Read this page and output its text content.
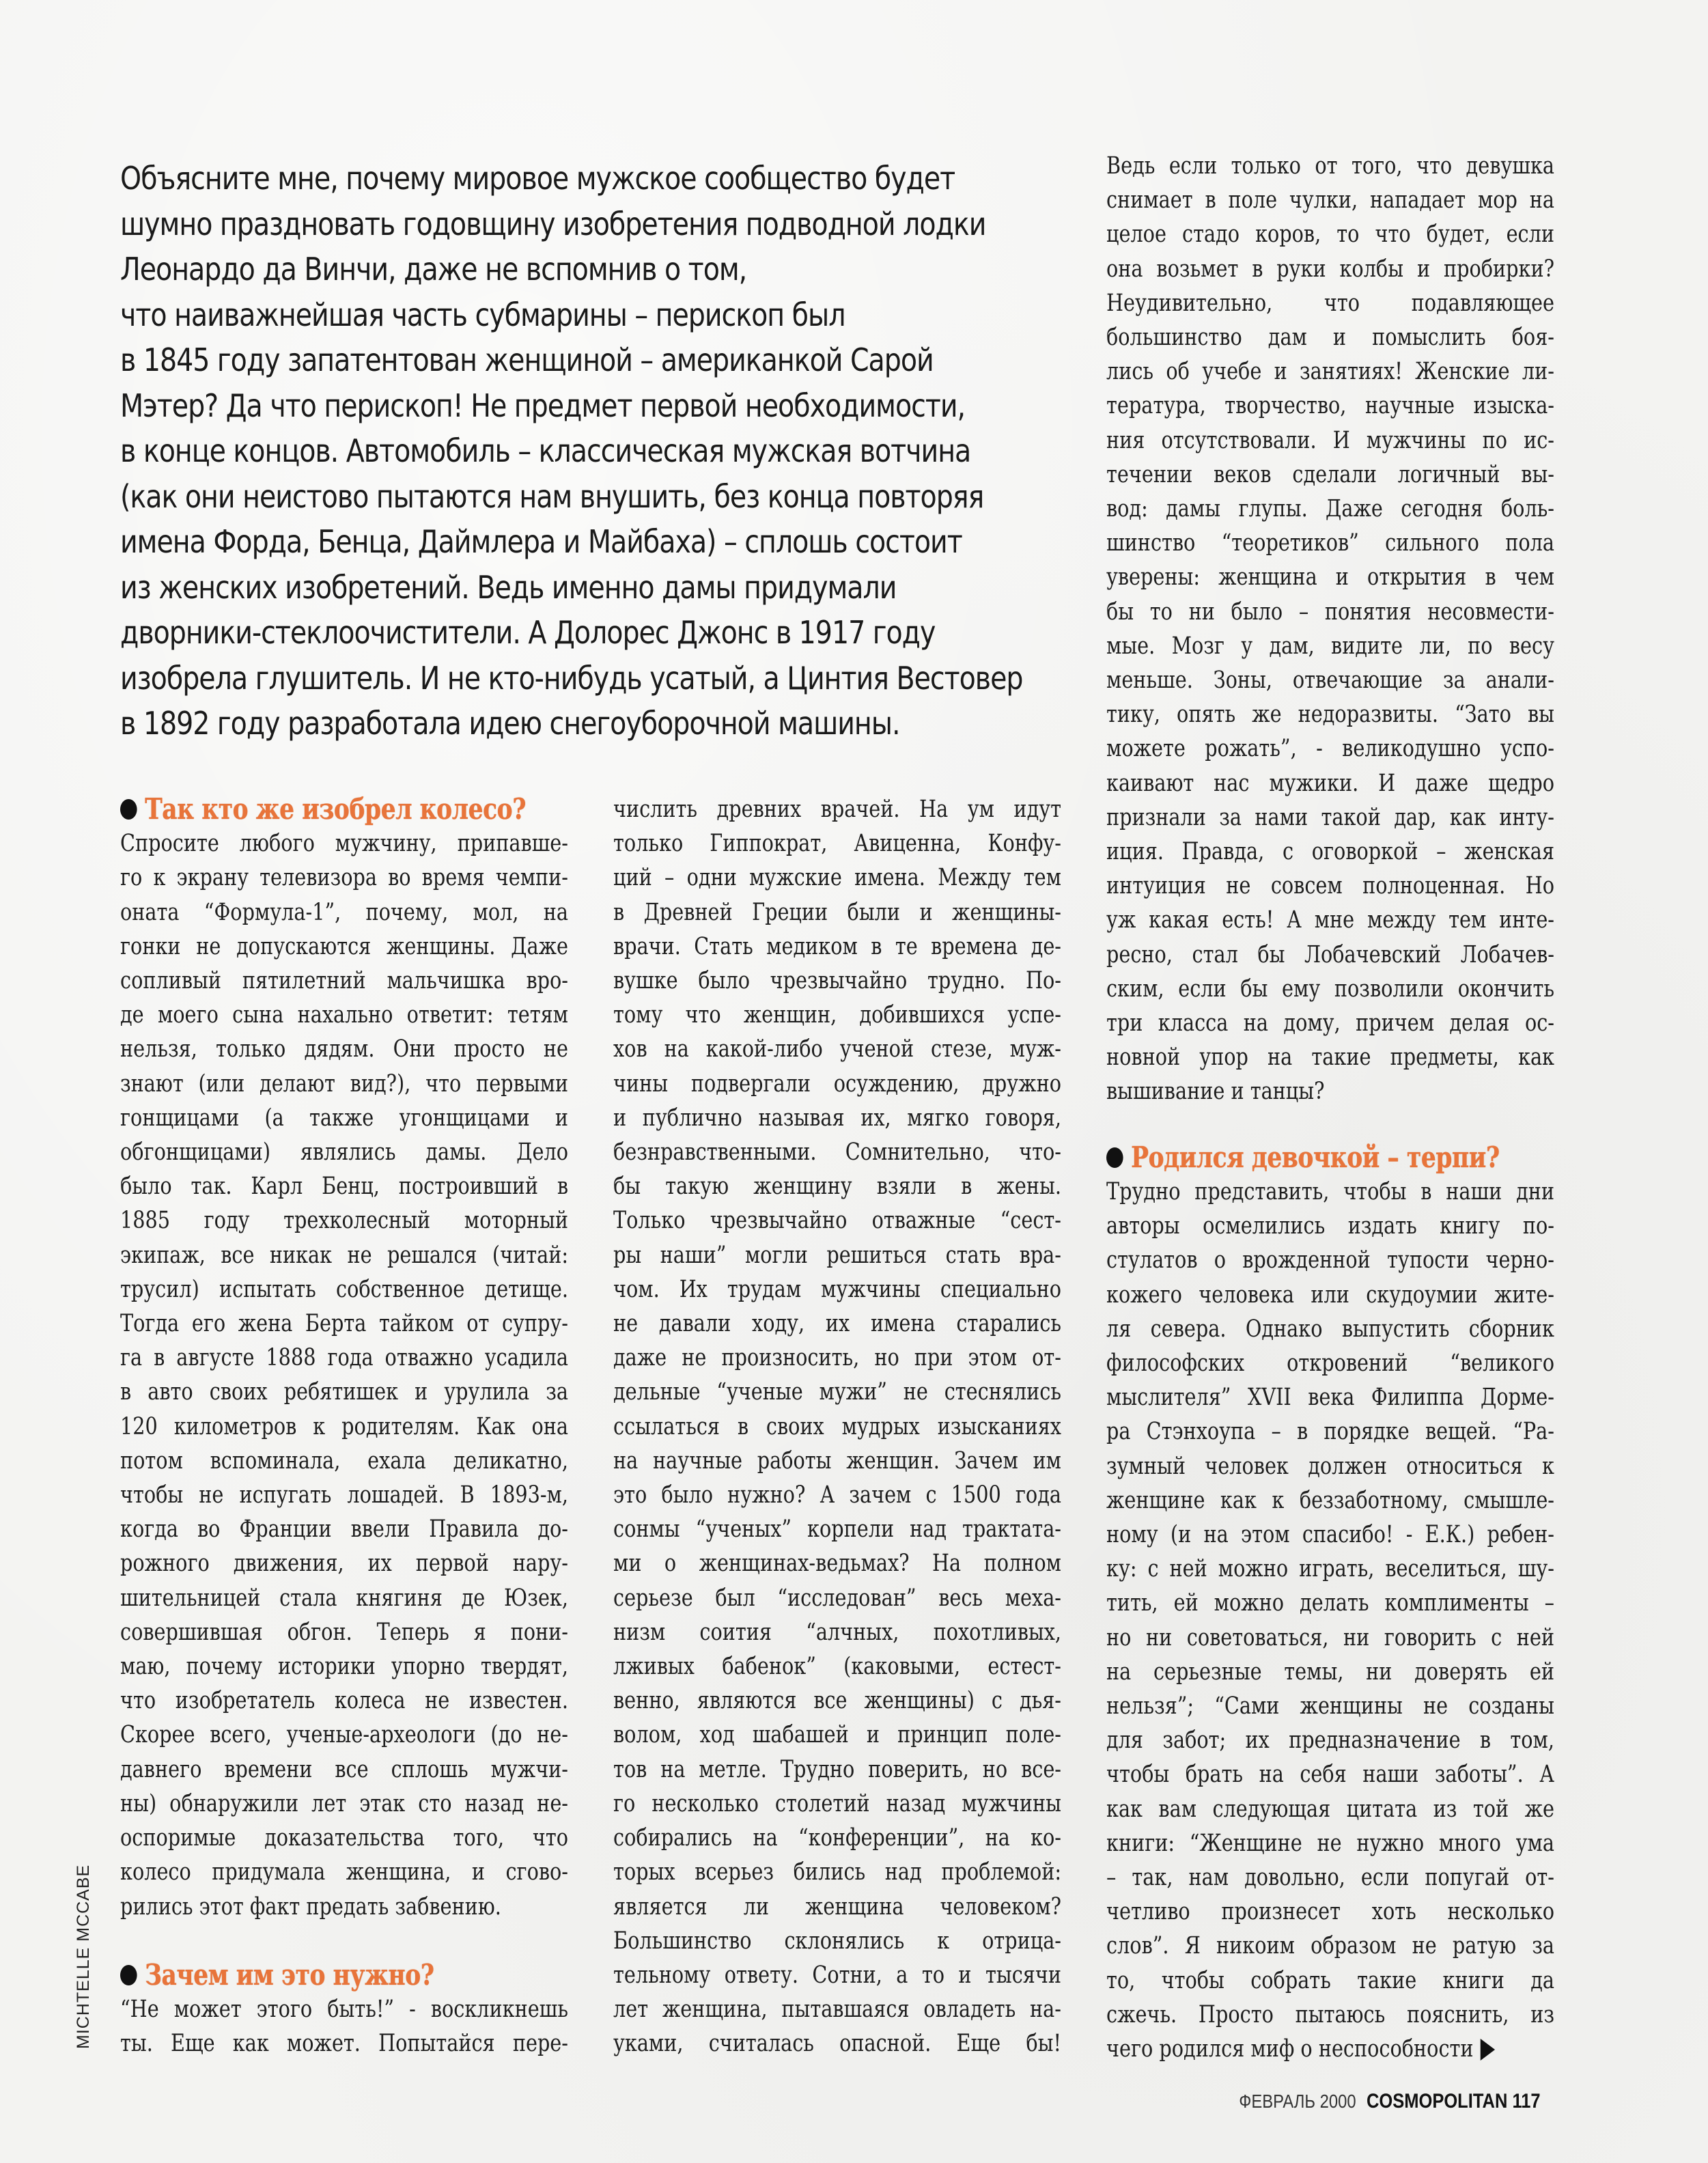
Объясните мне, почему мировое мужское сообщество будет
шумно праздновать годовщину изобретения подводной лодки
Леонардо да Винчи, даже не вспомнив о том,
что наиважнейшая часть субмарины – перископ был
в 1845 году запатентован женщиной – американкой Сарой
Мэтер? Да что перископ! Не предмет первой необходимости,
в конце концов. Автомобиль – классическая мужская вотчина
(как они неистово пытаются нам внушить, без конца повторяя
имена Форда, Бенца, Даймлера и Майбаха) – сплошь состоит
из женских изобретений. Ведь именно дамы придумали
дворники-стеклоочистители. А Долорес Джонс в 1917 году
изобрела глушитель. И не кто-нибудь усатый, а Цинтия Вестовер
в 1892 году разработала идею снегоуборочной машины.
Так кто же изобрел колесо?
Спросите любого мужчину, припавше-
го к экрану телевизора во время чемпи-
оната “Формула-1”, почему, мол, на
гонки не допускаются женщины. Даже
сопливый пятилетний мальчишка вро-
де моего сына нахально ответит: тетям
нельзя, только дядям. Они просто не
знают (или делают вид?), что первыми
гонщицами (а также угонщицами и
обгонщицами) являлись дамы. Дело
было так. Карл Бенц, построивший в
1885 году трехколесный моторный
экипаж, все никак не решался (читай:
трусил) испытать собственное детище.
Тогда его жена Берта тайком от супру-
га в августе 1888 года отважно усадила
в авто своих ребятишек и урулила за
120 километров к родителям. Как она
потом вспоминала, ехала деликатно,
чтобы не испугать лошадей. В 1893-м,
когда во Франции ввели Правила до-
рожного движения, их первой нару-
шительницей стала княгиня де Юзек,
совершившая обгон. Теперь я пони-
маю, почему историки упорно твердят,
что изобретатель колеса не известен.
Скорее всего, ученые-археологи (до не-
давнего времени все сплошь мужчи-
ны) обнаружили лет этак сто назад не-
оспоримые доказательства того, что
колесо придумала женщина, и сгово-
рились этот факт предать забвению.
Зачем им это нужно?
“Не может этого быть!” - воскликнешь
ты. Еще как может. Попытайся пере-
числить древних врачей. На ум идут
только Гиппократ, Авиценна, Конфу-
ций – одни мужские имена. Между тем
в Древней Греции были и женщины-
врачи. Стать медиком в те времена де-
вушке было чрезвычайно трудно. По-
тому что женщин, добившихся успе-
хов на какой-либо ученой стезе, муж-
чины подвергали осуждению, дружно
и публично называя их, мягко говоря,
безнравственными. Сомнительно, что-
бы такую женщину взяли в жены.
Только чрезвычайно отважные “сест-
ры наши” могли решиться стать вра-
чом. Их трудам мужчины специально
не давали ходу, их имена старались
даже не произносить, но при этом от-
дельные “ученые мужи” не стеснялись
ссылаться в своих мудрых изысканиях
на научные работы женщин. Зачем им
это было нужно? А зачем с 1500 года
сонмы “ученых” корпели над трактата-
ми о женщинах-ведьмах? На полном
серьезе был “исследован” весь меха-
низм соития “алчных, похотливых,
лживых бабенок” (каковыми, естест-
венно, являются все женщины) с дья-
волом, ход шабашей и принцип поле-
тов на метле. Трудно поверить, но все-
го несколько столетий назад мужчины
собирались на “конференции”, на ко-
торых всерьез бились над проблемой:
является ли женщина человеком?
Большинство склонялись к отрица-
тельному ответу. Сотни, а то и тысячи
лет женщина, пытавшаяся овладеть на-
уками, считалась опасной. Еще бы!
Ведь если только от того, что девушка
снимает в поле чулки, нападает мор на
целое стадо коров, то что будет, если
она возьмет в руки колбы и пробирки?
Неудивительно, что подавляющее
большинство дам и помыслить боя-
лись об учебе и занятиях! Женские ли-
тература, творчество, научные изыска-
ния отсутствовали. И мужчины по ис-
течении веков сделали логичный вы-
вод: дамы глупы. Даже сегодня боль-
шинство “теоретиков” сильного пола
уверены: женщина и открытия в чем
бы то ни было – понятия несовмести-
мые. Мозг у дам, видите ли, по весу
меньше. Зоны, отвечающие за анали-
тику, опять же недоразвиты. “Зато вы
можете рожать”, - великодушно успо-
каивают нас мужики. И даже щедро
признали за нами такой дар, как инту-
иция. Правда, с оговоркой – женская
интуиция не совсем полноценная. Но
уж какая есть! А мне между тем инте-
ресно, стал бы Лобачевский Лобачев-
ским, если бы ему позволили окончить
три класса на дому, причем делая ос-
новной упор на такие предметы, как
вышивание и танцы?
Родился девочкой – терпи?
Трудно представить, чтобы в наши дни
авторы осмелились издать книгу по-
стулатов о врожденной тупости черно-
кожего человека или скудоумии жите-
ля севера. Однако выпустить сборник
философских откровений “великого
мыслителя” XVII века Филиппа Дорме-
ра Стэнхоупа – в порядке вещей. “Ра-
зумный человек должен относиться к
женщине как к беззаботному, смышле-
ному (и на этом спасибо! - Е.К.) ребен-
ку: с ней можно играть, веселиться, шу-
тить, ей можно делать комплименты –
но ни советоваться, ни говорить с ней
на серьезные темы, ни доверять ей
нельзя”; “Сами женщины не созданы
для забот; их предназначение в том,
чтобы брать на себя наши заботы”. А
как вам следующая цитата из той же
книги: “Женщине не нужно много ума
– так, нам довольно, если попугай от-
четливо произнесет хоть несколько
слов”. Я никоим образом не ратую за
то, чтобы собрать такие книги да
сжечь. Просто пытаюсь пояснить, из
чего родился миф о неспособности
MICHTELLE MCCABE
ФЕВРАЛЬ 2000 COSMOPOLITAN 117
